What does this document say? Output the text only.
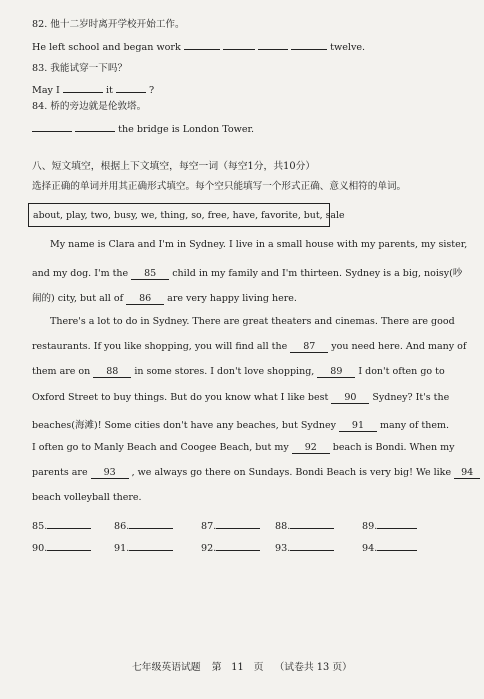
82. 他十二岁时离开学校开始工作。
He left school and began work	twelve.
83. 我能试穿一下吗？
May I	it	?
84. 桥的旁边就是伦敦塔。
the bridge is London Tower.
八、短文填空，根据上下文填空，每空一词（每空1分，共10分）
选择正确的单词并用其正确形式填空。每个空只能填写一个形式正确、意义相符的单词。
about, play, two, busy, we, thing, so, free, have, favorite, but, sale
My name is Clara and I'm in Sydney. I live in a small house with my parents, my sister,
and my dog. I'm the 85 child in my family and I'm thirteen. Sydney is a big, noisy(吵
闹的) city, but all of 86 are very happy living here.
There's a lot to do in Sydney. There are great theaters and cinemas. There are good
restaurants. If you like shopping, you will find all the 87 you need here. And many of
them are on 88 in some stores. I don't love shopping, 89 I don't often go to
Oxford Street to buy things. But do you know what I like best 90 Sydney? It's the
beaches(海滩)! Some cities don't have any beaches, but Sydney 91 many of them.
I often go to Manly Beach and Coogee Beach, but my 92 beach is Bondi. When my
parents are 93 , we always go there on Sundays. Bondi Beach is very big! We like 94
beach volleyball there.
85.	86.	87.	88.	89.
90.	91.	92.	93.	94.
七年级英语试题 第　11　页 （试卷共 13 页）
